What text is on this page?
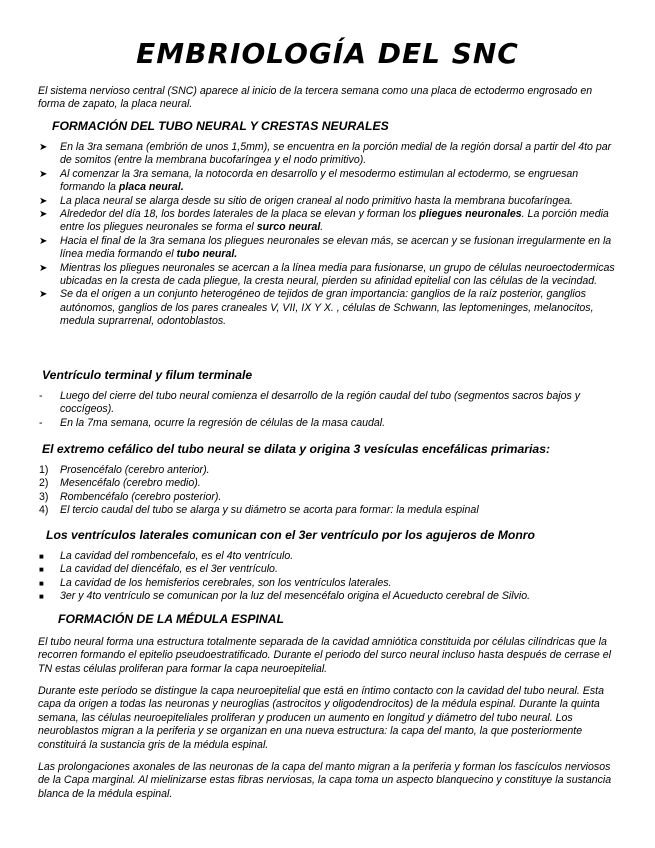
EMBRIOLOGÍA DEL SNC
El sistema nervioso central (SNC) aparece al inicio de la tercera semana como una placa de ectodermo engrosado en forma de zapato, la placa neural.
FORMACIÓN DEL TUBO NEURAL Y CRESTAS NEURALES
➤ En la 3ra semana (embrión de unos 1,5mm), se encuentra en la porción medial de la región dorsal a partir del 4to par de somitos (entre la membrana bucofaríngea y el nodo primitivo).
➤ Al comenzar la 3ra semana, la notocorda en desarrollo y el mesodermo estimulan al ectodermo, se engruesan formando la placa neural.
➤ La placa neural se alarga desde su sitio de origen craneal al nodo primitivo hasta la membrana bucofaríngea.
➤ Alrededor del día 18, los bordes laterales de la placa se elevan y forman los pliegues neuronales. La porción media entre los pliegues neuronales se forma el surco neural.
➤ Hacia el final de la 3ra semana los pliegues neuronales se elevan más, se acercan y se fusionan irregularmente en la línea media formando el tubo neural.
➤ Mientras los pliegues neuronales se acercan a la línea media para fusionarse, un grupo de células neuroectodermicas ubicadas en la cresta de cada pliegue, la cresta neural, pierden su afinidad epitelial con las células de la vecindad.
➤ Se da el origen a un conjunto heterogéneo de tejidos de gran importancia: ganglios de la raíz posterior, ganglios autónomos, ganglios de los pares craneales V, VII, IX Y X. , células de Schwann, las leptomeninges, melanocitos, medula suprarrenal, odontoblastos.
Ventrículo terminal y filum terminale
- Luego del cierre del tubo neural comienza el desarrollo de la región caudal del tubo (segmentos sacros bajos y coccígeos).
- En la 7ma semana, ocurre la regresión de células de la masa caudal.
El extremo cefálico del tubo neural se dilata y origina 3 vesículas encefálicas primarias:
1) Prosencéfalo (cerebro anterior).
2) Mesencéfalo (cerebro medio).
3) Rombencéfalo (cerebro posterior).
4) El tercio caudal del tubo se alarga y su diámetro se acorta para formar: la medula espinal
Los ventrículos laterales comunican con el 3er ventrículo por los agujeros de Monro
■ La cavidad del rombencefalo, es el 4to ventrículo.
■ La cavidad del diencéfalo, es el 3er ventrículo.
■ La cavidad de los hemisferios cerebrales, son los ventrículos laterales.
■ 3er y 4to ventrículo se comunican por la luz del mesencéfalo origina el Acueducto cerebral de Silvio.
FORMACIÓN DE LA MÉDULA ESPINAL
El tubo neural forma una estructura totalmente separada de la cavidad amniótica constituida por células cilíndricas que la recorren formando el epitelio pseudoestratificado. Durante el periodo del surco neural incluso hasta después de cerrase el TN estas células proliferan para formar la capa neuroepitelial.
Durante este período se distingue la capa neuroepitelial que está en íntimo contacto con la cavidad del tubo neural. Esta capa da origen a todas las neuronas y neuroglias (astrocitos y oligodendrocitos) de la médula espinal. Durante la quinta semana, las células neuroepiteliales proliferan y producen un aumento en longitud y diámetro del tubo neural. Los neuroblastos migran a la periferia y se organizan en una nueva estructura: la capa del manto, la que posteriormente constituirá la sustancia gris de la médula espinal.
Las prolongaciones axonales de las neuronas de la capa del manto migran a la periferia y forman los fascículos nerviosos de la Capa marginal. Al mielinizarse estas fibras nerviosas, la capa toma un aspecto blanquecino y constituye la sustancia blanca de la médula espinal.
